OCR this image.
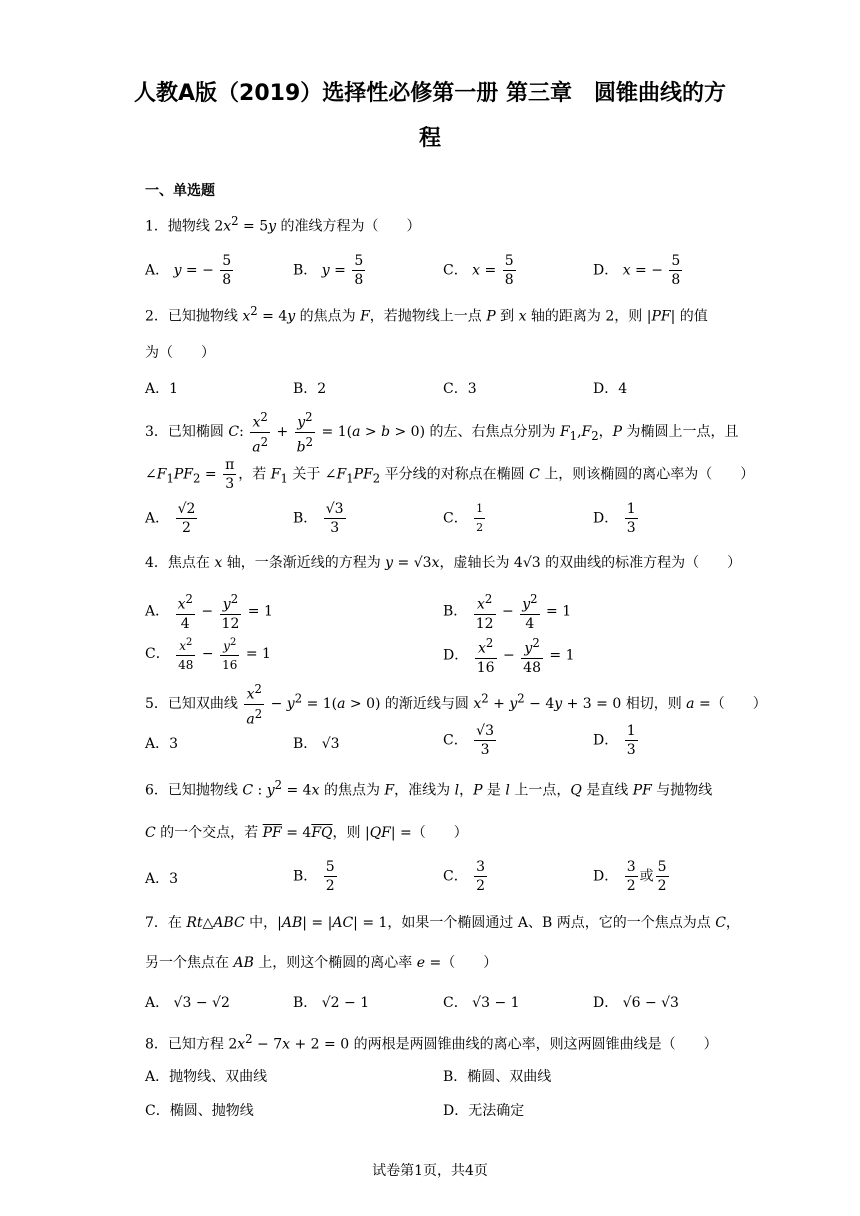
人教A版（2019）选择性必修第一册 第三章　圆锥曲线的方
程
一、单选题
1．抛物线 $2x^2 = 5y$ 的准线方程为（　　）
A． y = − $\frac{5}{8}$	B． $y = \frac{5}{8}$	C． $x = \frac{5}{8}$	D． x = − $\frac{5}{8}$
2．已知抛物线 $x^2 = 4y$ 的焦点为 F，若抛物线上一点 P 到 x 轴的距离为 2，则 |PF| 的值
为（　　）
A．1	B．2	C．3	D．4
3．已知椭圆 C: $\frac{x^2}{a^2} + \frac{y^2}{b^2} = 1(a > b > 0)$ 的左、右焦点分别为 $F_1,F_2$，P 为椭圆上一点，且
$\angle F_1PF_2 = \frac{\pi}{3}$ ，若 $F_1$ 关于 $\angle F_1PF_2$ 平分线的对称点在椭圆 C 上，则该椭圆的离心率为（　　）
A． $\frac{√2}{2}$	B． $\frac{√3}{3}$	C． $\frac{1}{2}$	D． $\frac{1}{3}$
4．焦点在 x 轴，一条渐近线的方程为 y = √3x，虚轴长为 4√3 的双曲线的标准方程为（　　）
A． $\frac{x^2}{4} - \frac{y^2}{12} = 1$	B． $\frac{x^2}{12} - \frac{y^2}{4} = 1$
C． $\frac{x^2}{48} - \frac{y^2}{16} = 1$	D． $\frac{x^2}{16} - \frac{y^2}{48} = 1$
5．已知双曲线 $\frac{x^2}{a^2} - y^2 = 1(a > 0)$ 的渐近线与圆 $x^2 + y^2 - 4y + 3 = 0$ 相切，则 a =（　　）
A．3	B． √3	C． $\frac{√3}{3}$	D． $\frac{1}{3}$
6．已知抛物线 C : $y^2 = 4x$ 的焦点为 F，准线为 l，P 是 l 上一点，Q 是直线 PF 与抛物线
C 的一个交点，若 $\overline{PF} = 4\overline{FQ}$，则 |QF| =（　　）
A．3	B． $\frac{5}{2}$	C． $\frac{3}{2}$	D． $\frac{3}{2}$ 或 $\frac{5}{2}$
7．在 Rt△ABC 中，|AB| = |AC| = 1，如果一个椭圆通过 A、B 两点，它的一个焦点为点 C，
另一个焦点在 AB 上，则这个椭圆的离心率 e =（　　）
A． √3 − √2	B． √2 − 1	C． √3 − 1	D． √6 − √3
8．已知方程 $2x^2 - 7x + 2 = 0$ 的两根是两圆锥曲线的离心率，则这两圆锥曲线是（　　）
A．抛物线、双曲线	B．椭圆、双曲线
C．椭圆、抛物线	D．无法确定
试卷第1页，共4页
